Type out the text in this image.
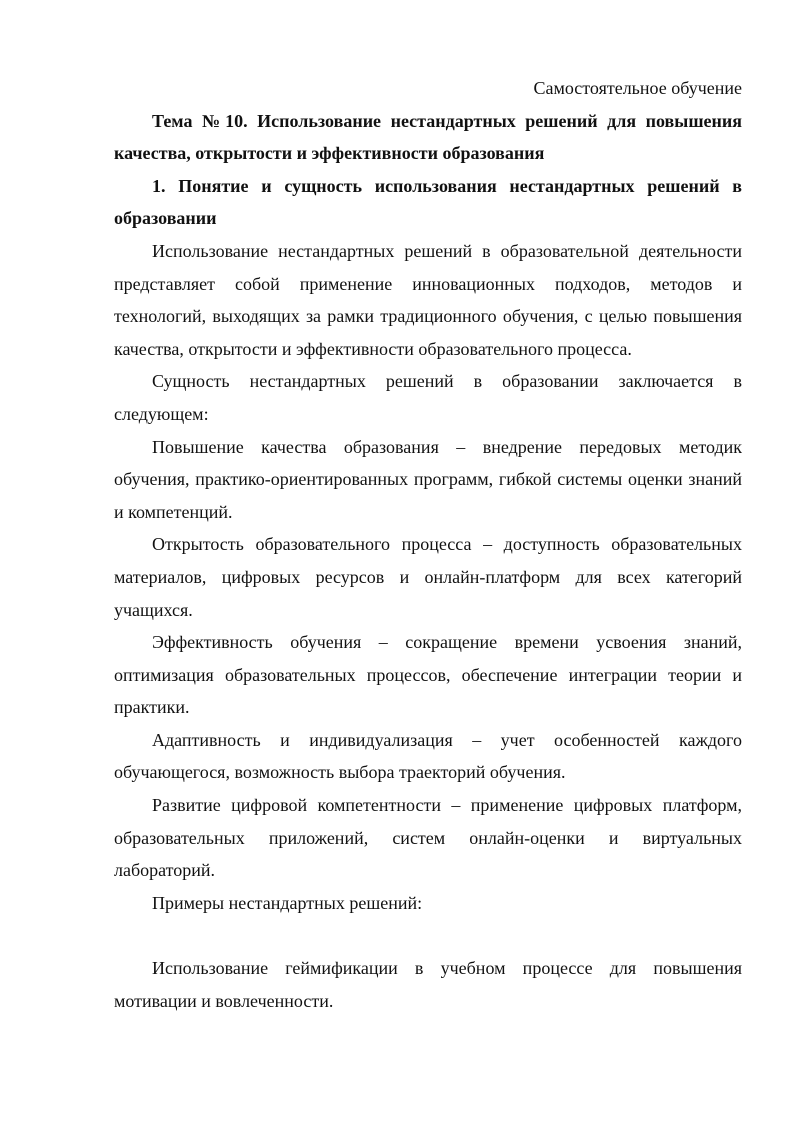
Самостоятельное обучение

Тема №10. Использование нестандартных решений для повышения качества, открытости и эффективности образования

1. Понятие и сущность использования нестандартных решений в образовании

Использование нестандартных решений в образовательной деятельности представляет собой применение инновационных подходов, методов и технологий, выходящих за рамки традиционного обучения, с целью повышения качества, открытости и эффективности образовательного процесса.

Сущность нестандартных решений в образовании заключается в следующем:

Повышение качества образования – внедрение передовых методик обучения, практико-ориентированных программ, гибкой системы оценки знаний и компетенций.

Открытость образовательного процесса – доступность образовательных материалов, цифровых ресурсов и онлайн-платформ для всех категорий учащихся.

Эффективность обучения – сокращение времени усвоения знаний, оптимизация образовательных процессов, обеспечение интеграции теории и практики.

Адаптивность и индивидуализация – учет особенностей каждого обучающегося, возможность выбора траекторий обучения.

Развитие цифровой компетентности – применение цифровых платформ, образовательных приложений, систем онлайн-оценки и виртуальных лабораторий.

Примеры нестандартных решений:

Использование геймификации в учебном процессе для повышения мотивации и вовлеченности.
